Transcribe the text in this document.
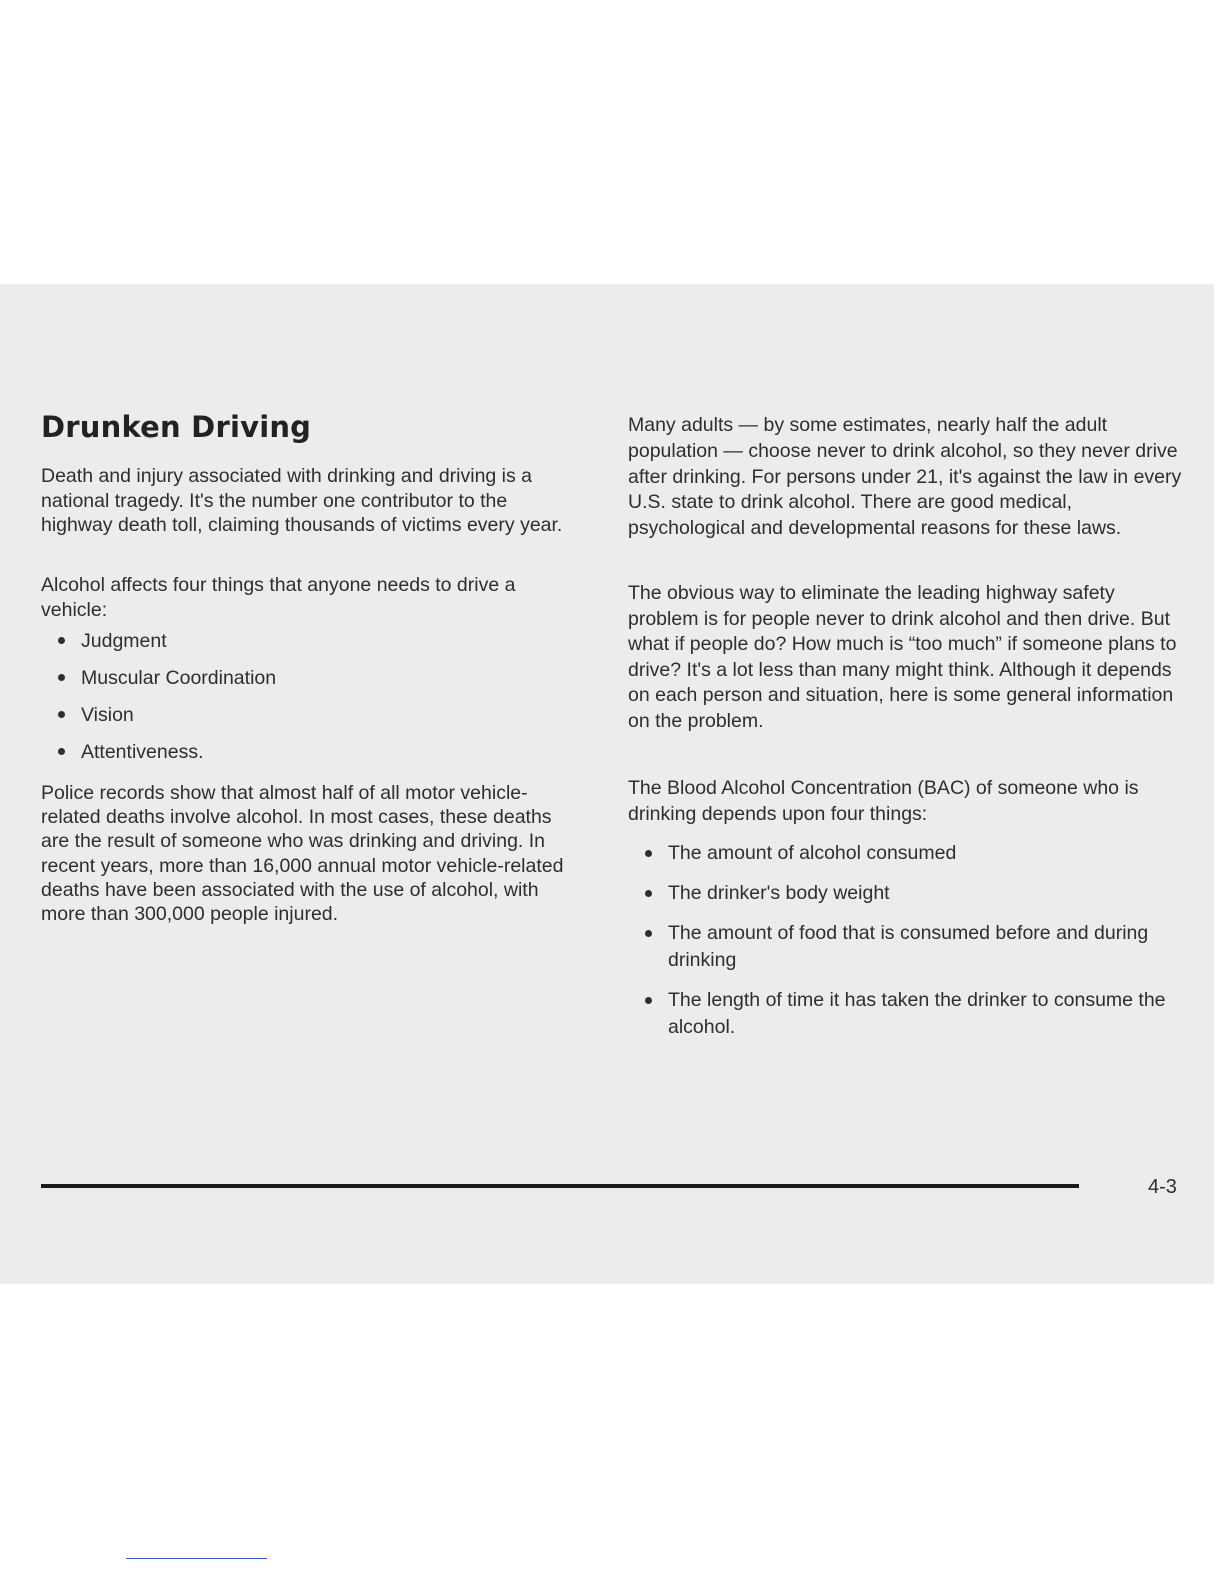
Drunken Driving

Death and injury associated with drinking and driving is a national tragedy. It's the number one contributor to the highway death toll, claiming thousands of victims every year.

Alcohol affects four things that anyone needs to drive a vehicle:

Judgment
Muscular Coordination
Vision
Attentiveness.

Police records show that almost half of all motor vehicle-related deaths involve alcohol. In most cases, these deaths are the result of someone who was drinking and driving. In recent years, more than 16,000 annual motor vehicle-related deaths have been associated with the use of alcohol, with more than 300,000 people injured.

Many adults — by some estimates, nearly half the adult population — choose never to drink alcohol, so they never drive after drinking. For persons under 21, it's against the law in every U.S. state to drink alcohol. There are good medical, psychological and developmental reasons for these laws.

The obvious way to eliminate the leading highway safety problem is for people never to drink alcohol and then drive. But what if people do? How much is “too much” if someone plans to drive? It's a lot less than many might think. Although it depends on each person and situation, here is some general information on the problem.

The Blood Alcohol Concentration (BAC) of someone who is drinking depends upon four things:

The amount of alcohol consumed
The drinker's body weight
The amount of food that is consumed before and during drinking
The length of time it has taken the drinker to consume the alcohol.
4-3
